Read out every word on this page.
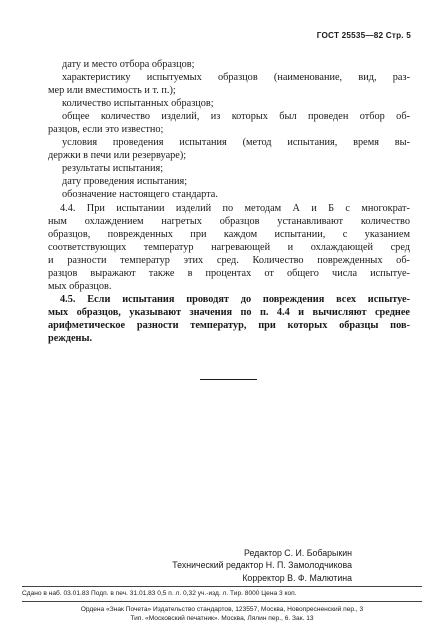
ГОСТ 25535—82 Стр. 5
дату и место отбора образцов;
характеристику испытуемых образцов (наименование, вид, раз-
мер или вместимость и т. п.);
количество испытанных образцов;
общее количество изделий, из которых был проведен отбор об-
разцов, если это известно;
условия проведения испытания (метод испытания, время вы-
держки в печи или резервуаре);
результаты испытания;
дату проведения испытания;
обозначение настоящего стандарта.
4.4. При испытании изделий по методам А и Б с многократ-
ным охлаждением нагретых образцов устанавливают количество
образцов, поврежденных при каждом испытании, с указанием
соответствующих температур нагревающей и охлаждающей сред
и разности температур этих сред. Количество поврежденных об-
разцов выражают также в процентах от общего числа испытуе-
мых образцов.
4.5. Если испытания проводят до повреждения всех испытуе-
мых образцов, указывают значения по п. 4.4 и вычисляют среднее
арифметическое разности температур, при которых образцы пов-
реждены.
Редактор С. И. Бобарыкин
Технический редактор Н. П. Замолодчикова
Корректор В. Ф. Малютина
Сдано в наб. 03.01.83 Подп. в печ. 31.01.83 0,5 п. л. 0,32 уч.-изд. л. Тир. 8000 Цена 3 коп.
Ордена «Знак Почета» Издательство стандартов, 123557, Москва, Новопресненский пер., 3
Тип. «Московский печатник». Москва, Лялин пер., 6. Зак. 13
